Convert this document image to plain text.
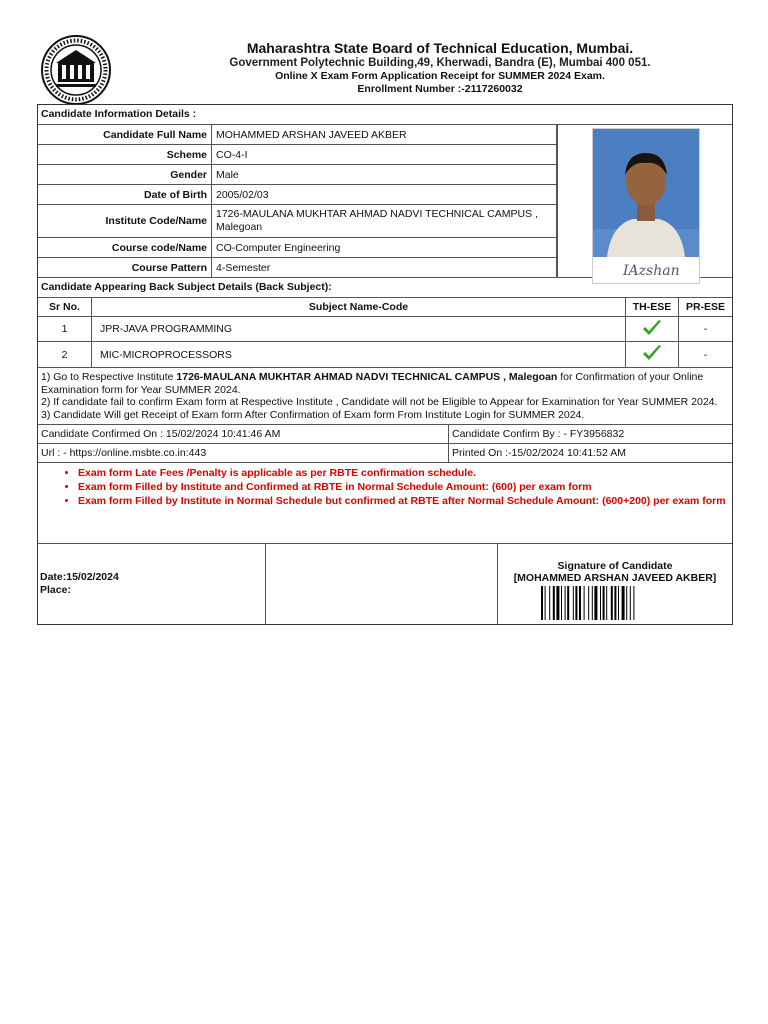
Maharashtra State Board of Technical Education, Mumbai.
Government Polytechnic Building,49, Kherwadi, Bandra (E), Mumbai 400 051.
Online X Exam Form Application Receipt for SUMMER 2024 Exam.
Enrollment Number :-2117260032
Candidate Information Details :
Candidate Full Name	MOHAMMED ARSHAN JAVEED AKBER
Scheme	CO-4-I
Gender	Male
Date of Birth	2005/02/03
Institute Code/Name	1726-MAULANA MUKHTAR AHMAD NADVI TECHNICAL CAMPUS , Malegoan
Course code/Name	CO-Computer Engineering
Course Pattern	4-Semester	IAzshan
Candidate Appearing Back Subject Details (Back Subject):
Sr No.	Subject Name-Code	TH-ESE	PR-ESE
1	JPR-JAVA PROGRAMMING		-
2	MIC-MICROPROCESSORS		-
1) Go to Respective Institute 1726-MAULANA MUKHTAR AHMAD NADVI TECHNICAL CAMPUS , Malegoan for Confirmation of your Online Examination form for Year SUMMER 2024.
2) If candidate fail to confirm Exam form at Respective Institute , Candidate will not be Eligible to Appear for Examination for Year SUMMER 2024.
3) Candidate Will get Receipt of Exam form After Confirmation of Exam form From Institute Login for SUMMER 2024.
Candidate Confirmed On : 15/02/2024 10:41:46 AM	Candidate Confirm By : - FY3956832
Url : - https://online.msbte.co.in:443	Printed On :-15/02/2024 10:41:52 AM
• Exam form Late Fees /Penalty is applicable as per RBTE confirmation schedule.
• Exam form Filled by Institute and Confirmed at RBTE in Normal Schedule Amount: (600) per exam form
• Exam form Filled by Institute in Normal Schedule but confirmed at RBTE after Normal Schedule Amount: (600+200) per exam form
Date:15/02/2024
Place:
Signature of Candidate
[MOHAMMED ARSHAN JAVEED AKBER]
